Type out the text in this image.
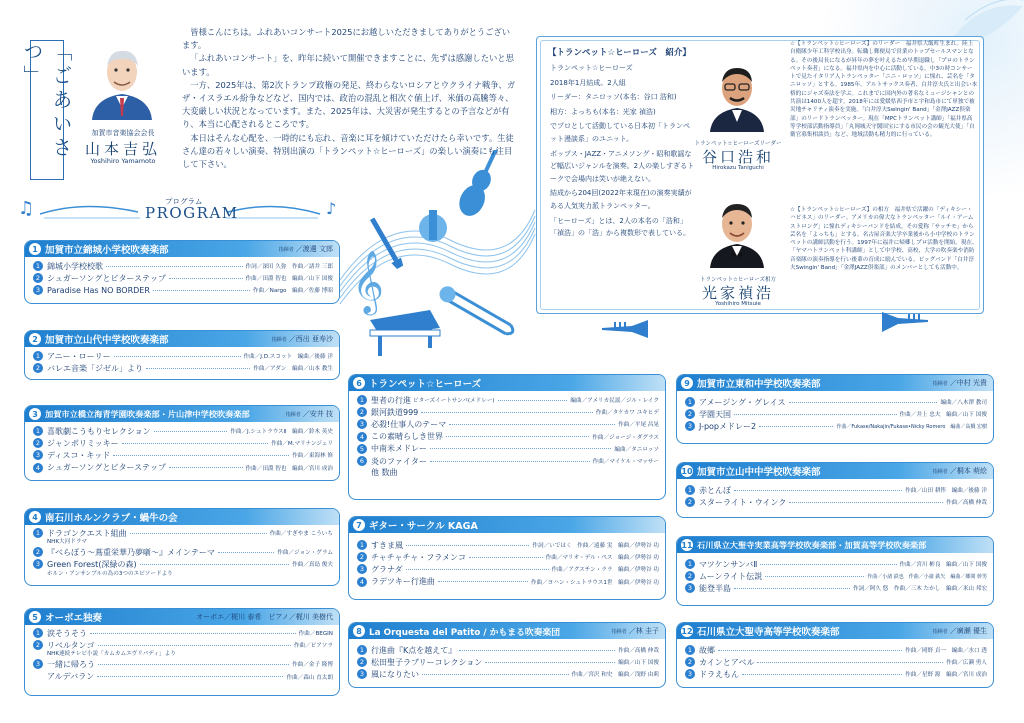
𝄞
「ごあいさつ」
加賀市音楽協会会長
山本吉弘
Yoshihiro Yamamoto

皆様こんにちは。ふれあいコンサート2025にお越しいただきましてありがとうございます。

「ふれあいコンサート」を、昨年に続いて開催できますことに、先ずは感謝したいと思います。

一方、2025年は、第2次トランプ政権の発足、終わらないロシアとウクライナ戦争、ガザ・イスラエル紛争などなど、国内では、政治の混乱と相次ぐ値上げ、米価の高騰等々、大変厳しい状況となっています。また、2025年は、大災害が発生するとの予言などが有り、本当に心配されるところです。

本日はそんな心配を、一時的にも忘れ、音楽に耳を傾けていただけたら幸いです。生徒さん達の若々しい演奏、特別出演の「トランペット☆ヒーローズ」の楽しい演奏にも注目して下さい。

♫	♪
プログラム
PROGRAM
1 加賀市立錦城小学校吹奏楽部	指揮者 ／ 渡邊 文郎
1 錦城小学校校歌	作詞／深田 久弥　作曲／諸井 三郎
2 シュガーソングとビターステップ	作曲／田淵 智也　編曲／山下 国俊
3 Paradise Has NO BORDER	作曲／Nargo　編曲／佐藤 博昭
2 加賀市立山代中学校吹奏楽部	指揮者 ／ 西出 亜寿沙
1 アニー・ローリー	作曲／J.D.スコット　編曲／後藤 洋
2 バレエ音楽「ジゼル」より	作曲／アダン　編曲／山本 教生
3 加賀市立橋立海青学園吹奏楽部・片山津中学校吹奏楽部	指揮者 ／ 安井 技
1 喜歌劇こうもりセレクション	作曲／J.シュトラウスⅡ　編曲／鈴木 英史
2 ジャンボリミッキー	作曲／M.マリナンジェリ
3 ディスコ・キッド	作曲／東海林 修
4 シュガーソングとビターステップ	作曲／田淵 智也　編曲／宮川 成治
4 南石川ホルンクラブ・蝸牛の会
1 ドラゴンクエスト組曲	作曲／すぎやま こういち
NHK大河ドラマ
2 『べらぼう～蔦重栄華乃夢噺～』メインテーマ	作曲／ジョン・グラム
3 Green Forest(深緑の森)	作曲／真島 俊夫
ホルン・アンサンブルの為の3つのエピソードより
5 オーボエ独奏	オーボエ／梶川 泰希　ピアノ／梶川 美樹代
1 涙そうそう	作曲／BEGIN
2 リベルタンゴ	作曲／ピアソラ
NHK連続テレビ小説「カムカムエヴリバディ」より
3 一緒に帰ろう	作曲／金子 隆博
アルデバラン	作曲／森山 直太朗
6 トランペット☆ヒーローズ
1 聖者の行進 ビターズイートサンバ(メドレー)	編曲／アメリカ民謡／ジル・レイク
2 銀河鉄道999	作曲／タケカワ ユキヒデ
3 必殺!仕事人のテーマ	作曲／平尾 昌晃
4 この素晴らしき世界	作曲／ジョージ・ダグラス
5 中南米メドレー	編曲／タニロッソ
6 炎のファイター	作曲／マイケル・マッサー
他 数曲
7 ギター・サークル KAGA
1 すきま風	作詞／いではく　作曲／遠藤 実　編曲／伊勢谷 功
2 チャチャチャ・フラメンコ	作曲／マリオ・デル・ペス　編曲／伊勢谷 功
3 グラナダ	作曲／アグスチン・ララ　編曲／伊勢谷 功
4 ラデツキー行進曲	作曲／ヨハン・シュトラウス1世　編曲／伊勢谷 功
8 La Orquesta del Patito / かもまる吹奏楽団	指揮者 ／ 林 圭子
1 行進曲『K点を越えて』	作曲／高橋 伸哉
2 松田聖子ラブリーコレクション	編曲／山下 国俊
3 風になりたい	作曲／宮沢 和史　編曲／浅野 由莉
9 加賀市立東和中学校吹奏楽部	指揮者 ／ 中村 光貴
1 アメージング・グレイス	編曲／八木澤 教司
2 学園天国	作曲／井上 忠夫　編曲／山下 国俊
3 J-popメドレー2	作曲／Fukase/Nakajin/Fukase•Nicky Romero　編曲／高橋 宏樹
10 加賀市立山中中学校吹奏楽部	指揮者 ／ 桐本 萌絵
1 赤とんぼ	作曲／山田 耕筰　編曲／後藤 洋
2 スターライト・ウインク	作曲／高橋 伸哉
11 石川県立大聖寺実業高等学校吹奏楽部・加賀高等学校吹奏楽部
1 マツケンサンバⅡ	作曲／宮川 彬良　編曲／山下 国俊
2 ムーンライト伝説	作曲／小諸 鉄也　作曲／小諸 鉄矢　編曲／郷間 幹男
3 能登半島	作詞／阿久 悠　作曲／三木 たかし　編曲／米山 邦宏
12 石川県立大聖寺高等学校吹奏楽部	指揮者 ／ 廣瀬 優生
1 故郷	作曲／岡野 貞一　編曲／水口 透
2 カインとアベル	作曲／広瀬 勇人
3 ドラえもん	作曲／星野 源　編曲／宮川 成治
【トランペット☆ヒーローズ　紹介】

トランペット☆ヒーローズ

2018年1月結成。2人組

リーダー：タニロッソ(本名：谷口 浩和)

相方：よっちも(本名：光家 禎浩)

でプロとして活動している日本初「トランペット漫談系」のユニット。

ポップス・JAZZ・アニメソング・昭和歌謡など幅広いジャンルを演奏。2人の楽しすぎるトークで会場内は笑いが絶えない。

結成から204回(2022年末現在)の演奏実績がある人気実力派トランペッター。

「ヒーローズ」とは、2人の本名の「浩和」「禎浩」の「浩」から複数形で表している。

トランペット☆ヒーローズリーダー
谷口浩和
Hirokazu Taniguchi
☆【トランペット☆ヒーローズ】のリーダー　福井県大飯町生まれ。陸上自衛隊少年工科学校出身。転職し郵便局で営業のトップセールスマンとなる。その後局長になるが昇年の夢を叶えるため早期退職し「プロのトランペット奏者」になる。福井県内を中心に活動している。中3の時コンサートで見たイタリア人トランペッター「ニニ・ロッソ」に憧れ、芸名を「タニロッソ」とする。1985年、アルトサックス奏者、白井淳夫氏と出会い本格的にジャズ奏法を学ぶ。これまでに国内外の著名なミュージシャンとの共演は1400人を超す。2018年には愛媛県西予市と宇和島市にて単独で被災地チャリティ演奏を実施。「白井淳夫Swingin' Band」「金澤JAZZ倶楽部」のリードトランペッター。現在「MPCトランペット講師」「福井県高等学校部活動指導員」「丸岡城天守閣国宝にする市民の会の観光大使」「自衛官募集相談員」など、地域活動も精力的に行っている。
トランペット☆ヒーローズ相方
光家禎浩
Yoshihiro Mitsuie
☆【トランペット☆ヒーローズ】の相方　福井県で活躍の「ディキシー・ハピネス」のリーダー。アメリカの偉大なトランペッター「ルイ・アームストロング」に憧れディキシーバンドを結成。その愛称「サッチモ」から芸名を「よっちも」とする。名古屋音楽大学卒業後から小中学校のトランペットの講師活動を行う。1997年に福井に帰郷しプロ活動を開始。現在、「ヤマハトランペット科講師」として中学校、高校、大学の吹奏楽や消防音楽隊の演奏指導を行い後輩の育成に励んでいる。ビッグバンド「白井淳夫Swingin' Band」「金澤JAZZ倶楽部」のメンバーとしても活動中。
